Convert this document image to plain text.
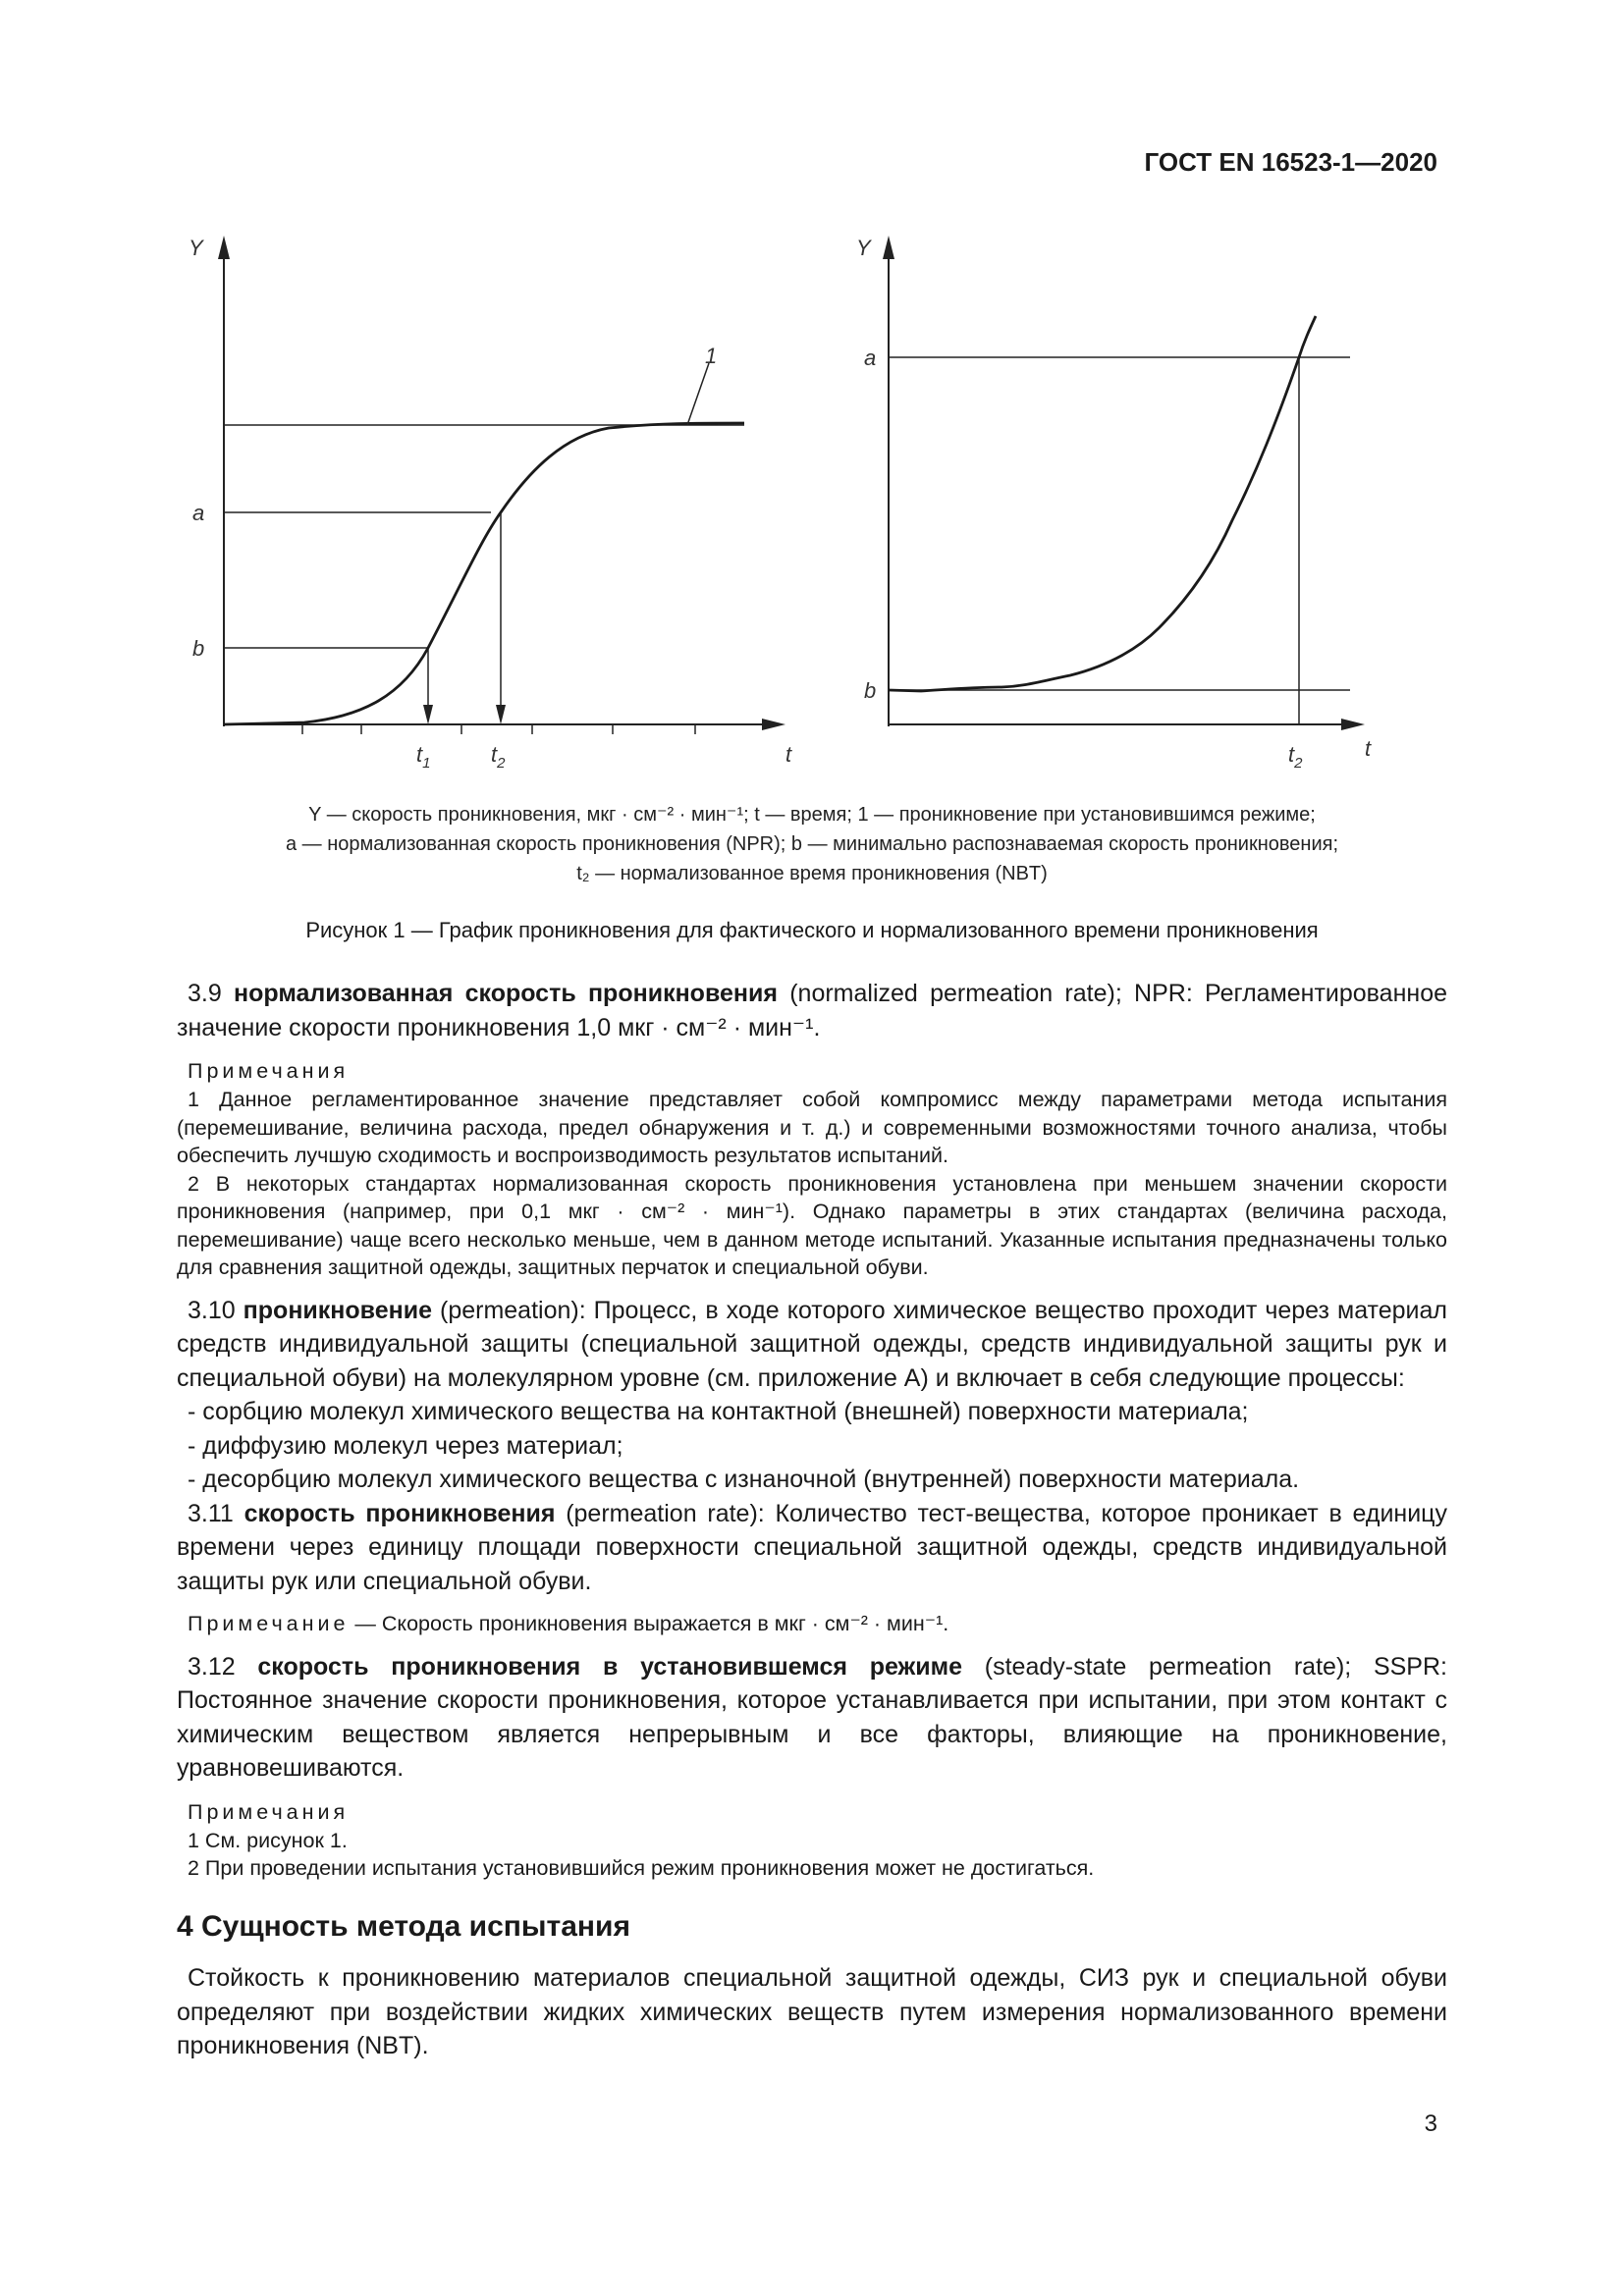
ГОСТ EN 16523-1—2020
Y
a
b
1
$t_1$	$t_2$	t
Y
a
b
$t_2$
t

Y — скорость проникновения, мкг · см⁻² · мин⁻¹; t — время; 1 — проникновение при установившимся режиме;

a — нормализованная скорость проникновения (NPR); b — минимально распознаваемая скорость проникновения;

t₂ — нормализованное время проникновения (NBT)

Рисунок 1 — График проникновения для фактического и нормализованного времени проникновения

3.9 нормализованная скорость проникновения (normalized permeation rate); NPR: Регламентированное значение скорости проникновения 1,0 мкг · см⁻² · мин⁻¹.

Примечания

1 Данное регламентированное значение представляет собой компромисс между параметрами метода испытания (перемешивание, величина расхода, предел обнаружения и т. д.) и современными возможностями точного анализа, чтобы обеспечить лучшую сходимость и воспроизводимость результатов испытаний.

2 В некоторых стандартах нормализованная скорость проникновения установлена при меньшем значении скорости проникновения (например, при 0,1 мкг · см⁻² · мин⁻¹). Однако параметры в этих стандартах (величина расхода, перемешивание) чаще всего несколько меньше, чем в данном методе испытаний. Указанные испытания предназначены только для сравнения защитной одежды, защитных перчаток и специальной обуви.

3.10 проникновение (permeation): Процесс, в ходе которого химическое вещество проходит через материал средств индивидуальной защиты (специальной защитной одежды, средств индивидуальной защиты рук и специальной обуви) на молекулярном уровне (см. приложение А) и включает в себя следующие процессы:

- сорбцию молекул химического вещества на контактной (внешней) поверхности материала;

- диффузию молекул через материал;

- десорбцию молекул химического вещества с изнаночной (внутренней) поверхности материала.

3.11 скорость проникновения (permeation rate): Количество тест-вещества, которое проникает в единицу времени через единицу площади поверхности специальной защитной одежды, средств индивидуальной защиты рук или специальной обуви.

Примечание — Скорость проникновения выражается в мкг · см⁻² · мин⁻¹.

3.12 скорость проникновения в установившемся режиме (steady-state permeation rate); SSPR: Постоянное значение скорости проникновения, которое устанавливается при испытании, при этом контакт с химическим веществом является непрерывным и все факторы, влияющие на проникновение, уравновешиваются.

Примечания

1 См. рисунок 1.

2 При проведении испытания установившийся режим проникновения может не достигаться.

4 Сущность метода испытания

Стойкость к проникновению материалов специальной защитной одежды, СИЗ рук и специальной обуви определяют при воздействии жидких химических веществ путем измерения нормализованного времени проникновения (NBT).

3
